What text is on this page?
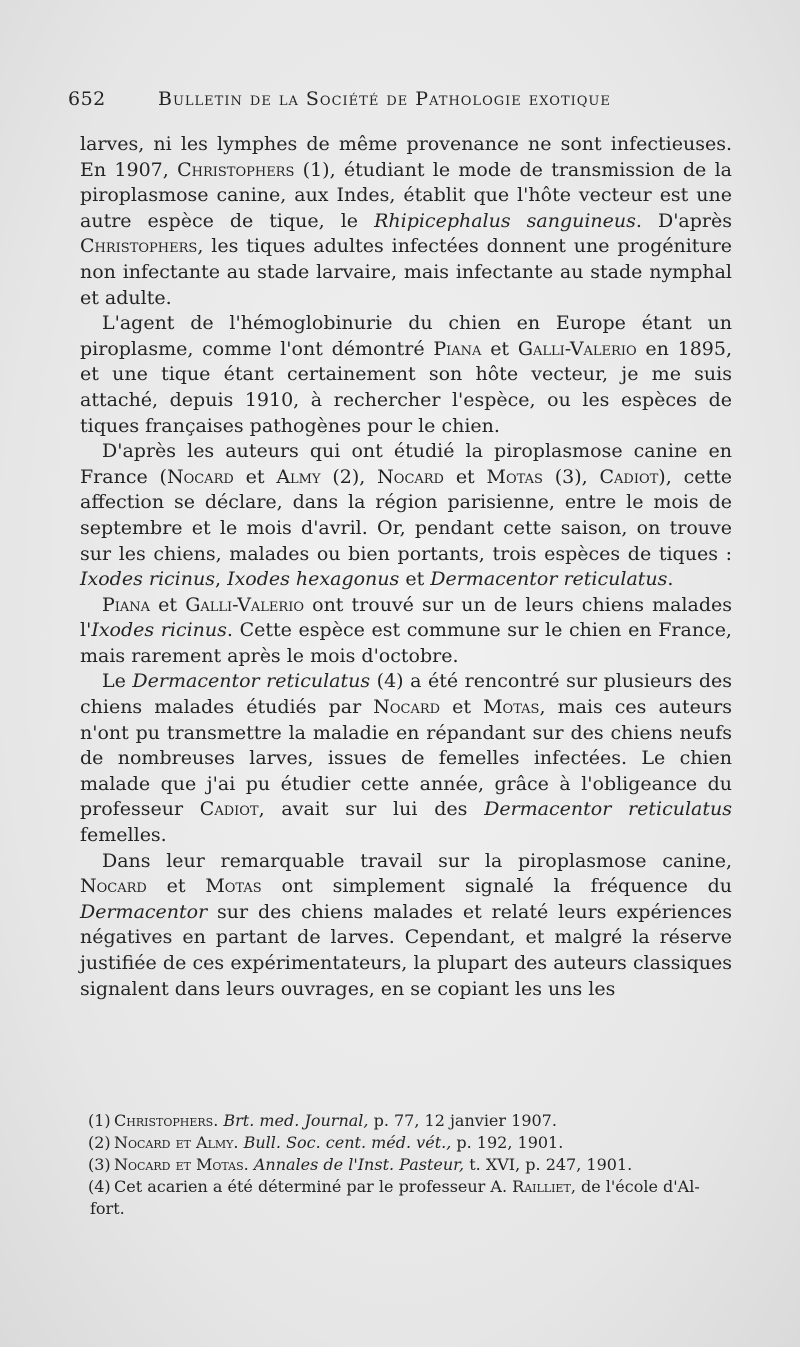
652	Bulletin de la Société de Pathologie exotique

larves, ni les lymphes de même provenance ne sont infectieuses. En 1907, Christophers (1), étudiant le mode de transmission de la piroplasmose canine, aux Indes, établit que l'hôte vecteur est une autre espèce de tique, le Rhipicephalus sanguineus. D'après Christophers, les tiques adultes infectées donnent une progéniture non infectante au stade larvaire, mais infectante au stade nymphal et adulte.

L'agent de l'hémoglobinurie du chien en Europe étant un piroplasme, comme l'ont démontré Piana et Galli-Valerio en 1895, et une tique étant certainement son hôte vecteur, je me suis attaché, depuis 1910, à rechercher l'espèce, ou les espèces de tiques françaises pathogènes pour le chien.

D'après les auteurs qui ont étudié la piroplasmose canine en France (Nocard et Almy (2), Nocard et Motas (3), Cadiot), cette affection se déclare, dans la région parisienne, entre le mois de septembre et le mois d'avril. Or, pendant cette saison, on trouve sur les chiens, malades ou bien portants, trois espèces de tiques : Ixodes ricinus, Ixodes hexagonus et Dermacentor reticulatus.

Piana et Galli-Valerio ont trouvé sur un de leurs chiens malades l'Ixodes ricinus. Cette espèce est commune sur le chien en France, mais rarement après le mois d'octobre.

Le Dermacentor reticulatus (4) a été rencontré sur plusieurs des chiens malades étudiés par Nocard et Motas, mais ces auteurs n'ont pu transmettre la maladie en répandant sur des chiens neufs de nombreuses larves, issues de femelles infectées. Le chien malade que j'ai pu étudier cette année, grâce à l'obligeance du professeur Cadiot, avait sur lui des Dermacentor reticulatus femelles.

Dans leur remarquable travail sur la piroplasmose canine, Nocard et Motas ont simplement signalé la fréquence du Dermacentor sur des chiens malades et relaté leurs expériences négatives en partant de larves. Cependant, et malgré la réserve justifiée de ces expérimentateurs, la plupart des auteurs classiques signalent dans leurs ouvrages, en se copiant les uns les

(1) Christophers. Brt. med. Journal, p. 77, 12 janvier 1907.
(2) Nocard et Almy. Bull. Soc. cent. méd. vét., p. 192, 1901.
(3) Nocard et Motas. Annales de l'Inst. Pasteur, t. XVI, p. 247, 1901.
(4) Cet acarien a été déterminé par le professeur A. Railliet, de l'école d'Al-
fort.
